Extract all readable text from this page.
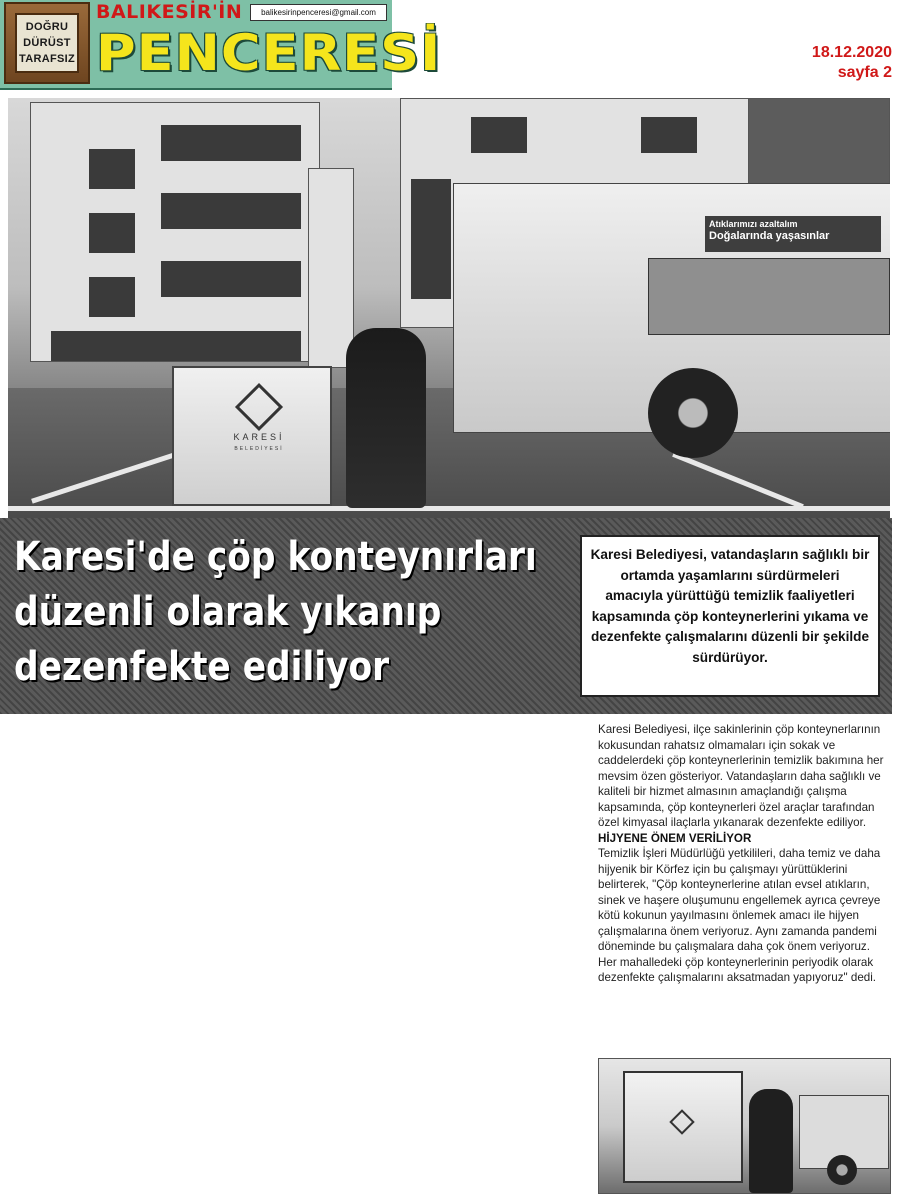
DOĞRU
DÜRÜST
TARAFSIZ
BALIKESİR'İN	balikesirinpenceresi@gmail.com
PENCERESİ	18.12.2020
sayfa 2
Atıklarımızı azaltalım
Doğalarında yaşasınlar
KARESİ
BELEDİYESİ
Karesi'de çöp konteynırları
düzenli olarak yıkanıp
dezenfekte ediliyor
Karesi Belediyesi, vatandaşların sağlıklı bir ortamda yaşamlarını sürdürmeleri amacıyla yürüttüğü temizlik faaliyetleri kapsamında çöp konteynerlerini yıkama ve dezenfekte çalışmalarını düzenli bir şekilde sürdürüyor.

Karesi Belediyesi, ilçe sakinlerinin çöp konteynerlarının kokusundan rahatsız olmamaları için sokak ve caddelerdeki çöp konteynerlerinin temizlik bakımına her mevsim özen gösteriyor. Vatandaşların daha sağlıklı ve kaliteli bir hizmet almasının amaçlandığı çalışma kapsamında, çöp konteynerleri özel araçlar tarafından özel kimyasal ilaçlarla yıkanarak dezenfekte ediliyor.

HİJYENE ÖNEM VERİLİYOR

Temizlik İşleri Müdürlüğü yetkilileri, daha temiz ve daha hijyenik bir Körfez için bu çalışmayı yürüttüklerini belirterek, "Çöp konteynerlerine atılan evsel atıkların, sinek ve haşere oluşumunu engellemek ayrıca çevreye kötü kokunun yayılmasını önlemek amacı ile hijyen çalışmalarına önem veriyoruz. Aynı zamanda pandemi döneminde bu çalışmalara daha çok önem veriyoruz. Her mahalledeki çöp konteynerlerinin periyodik olarak dezenfekte çalışmalarını aksatmadan yapıyoruz" dedi.
